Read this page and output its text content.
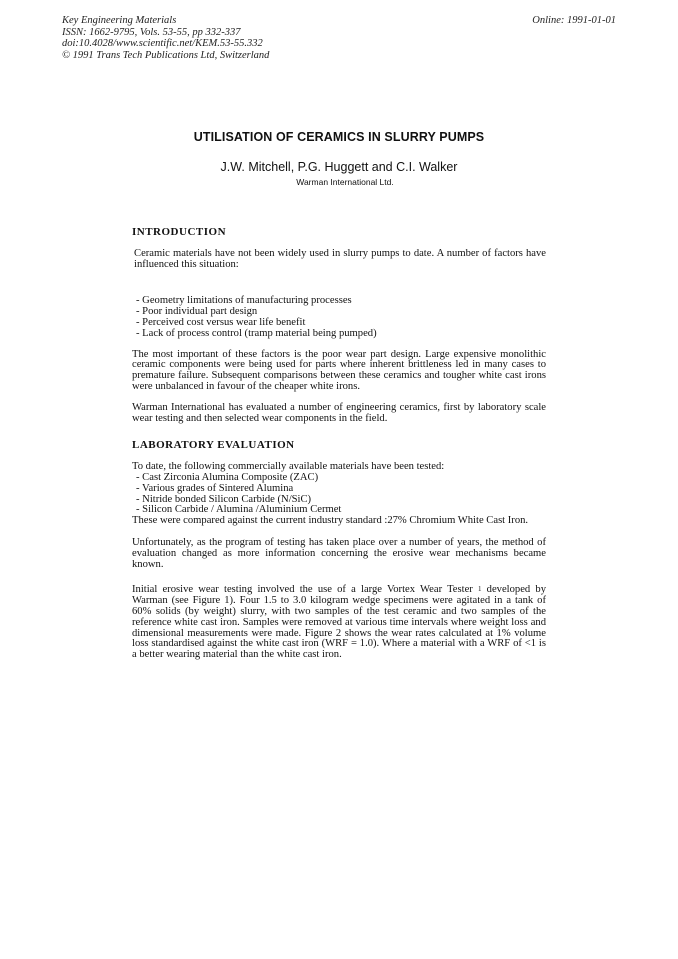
Key Engineering Materials
ISSN: 1662-9795, Vols. 53-55, pp 332-337
doi:10.4028/www.scientific.net/KEM.53-55.332
© 1991 Trans Tech Publications Ltd, Switzerland
Online: 1991-01-01
UTILISATION OF CERAMICS IN SLURRY PUMPS
J.W. Mitchell, P.G. Huggett and C.I. Walker
Warman International Ltd.
INTRODUCTION

Ceramic materials have not been widely used in slurry pumps to date. A number of factors have influenced this situation:

- Geometry limitations of manufacturing processes
- Poor individual part design
- Perceived cost versus wear life benefit
- Lack of process control (tramp material being pumped)

The most important of these factors is the poor wear part design. Large expensive monolithic ceramic components were being used for parts where inherent brittleness led in many cases to premature failure. Subsequent comparisons between these ceramics and tougher white cast irons were unbalanced in favour of the cheaper white irons.

Warman International has evaluated a number of engineering ceramics, first by laboratory scale wear testing and then selected wear components in the field.

LABORATORY EVALUATION

To date, the following commercially available materials have been tested:

- Cast Zirconia Alumina Composite (ZAC)
- Various grades of Sintered Alumina
- Nitride bonded Silicon Carbide (N/SiC)
- Silicon Carbide / Alumina /Aluminium Cermet

These were compared against the current industry standard :27% Chromium White Cast Iron.

Unfortunately, as the program of testing has taken place over a number of years, the method of evaluation changed as more information concerning the erosive wear mechanisms became known.

Initial erosive wear testing involved the use of a large Vortex Wear Tester $^1$ developed by Warman (see Figure 1). Four 1.5 to 3.0 kilogram wedge specimens were agitated in a tank of 60% solids (by weight) slurry, with two samples of the test ceramic and two samples of the reference white cast iron. Samples were removed at various time intervals where weight loss and dimensional measurements were made. Figure 2 shows the wear rates calculated at 1% volume loss standardised against the white cast iron (WRF = 1.0). Where a material with a WRF of <1 is a better wearing material than the white cast iron.
